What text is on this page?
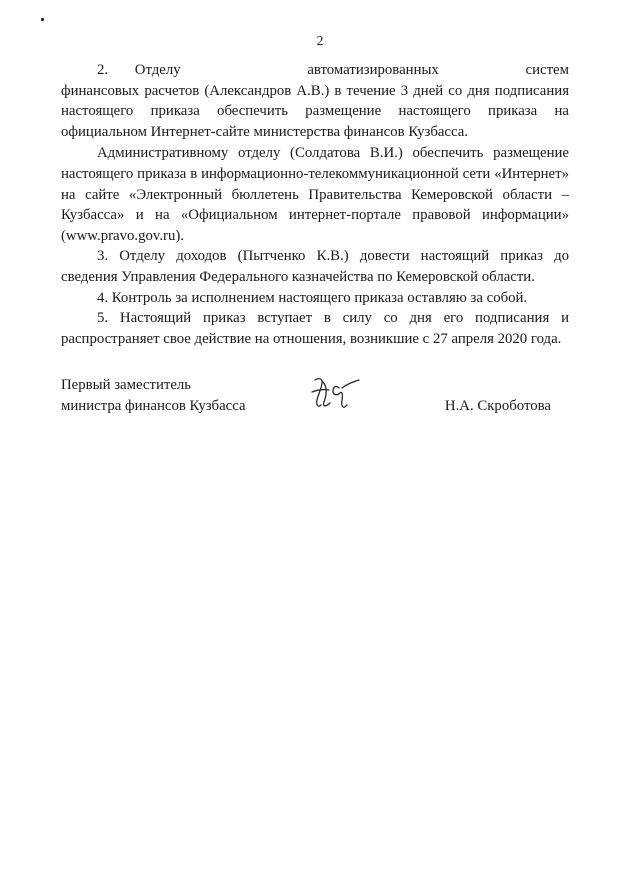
2

2. Отделу	автоматизированных	систем
финансовых расчетов (Александров А.В.) в течение 3 дней со дня подписания настоящего приказа обеспечить размещение настоящего приказа на официальном Интернет-сайте министерства финансов Кузбасса.

Административному отделу (Солдатова В.И.) обеспечить размещение настоящего приказа в информационно-телекоммуникационной сети «Интернет» на сайте «Электронный бюллетень Правительства Кемеровской области – Кузбасса» и на «Официальном интернет-портале правовой информации» (www.pravo.gov.ru).

3. Отделу доходов (Пытченко К.В.) довести настоящий приказ до сведения Управления Федерального казначейства по Кемеровской области.

4. Контроль за исполнением настоящего приказа оставляю за собой.

5. Настоящий приказ вступает в силу со дня его подписания и распространяет свое действие на отношения, возникшие с 27 апреля 2020 года.

Первый заместитель
министра финансов Кузбасса	Н.А. Скроботова
